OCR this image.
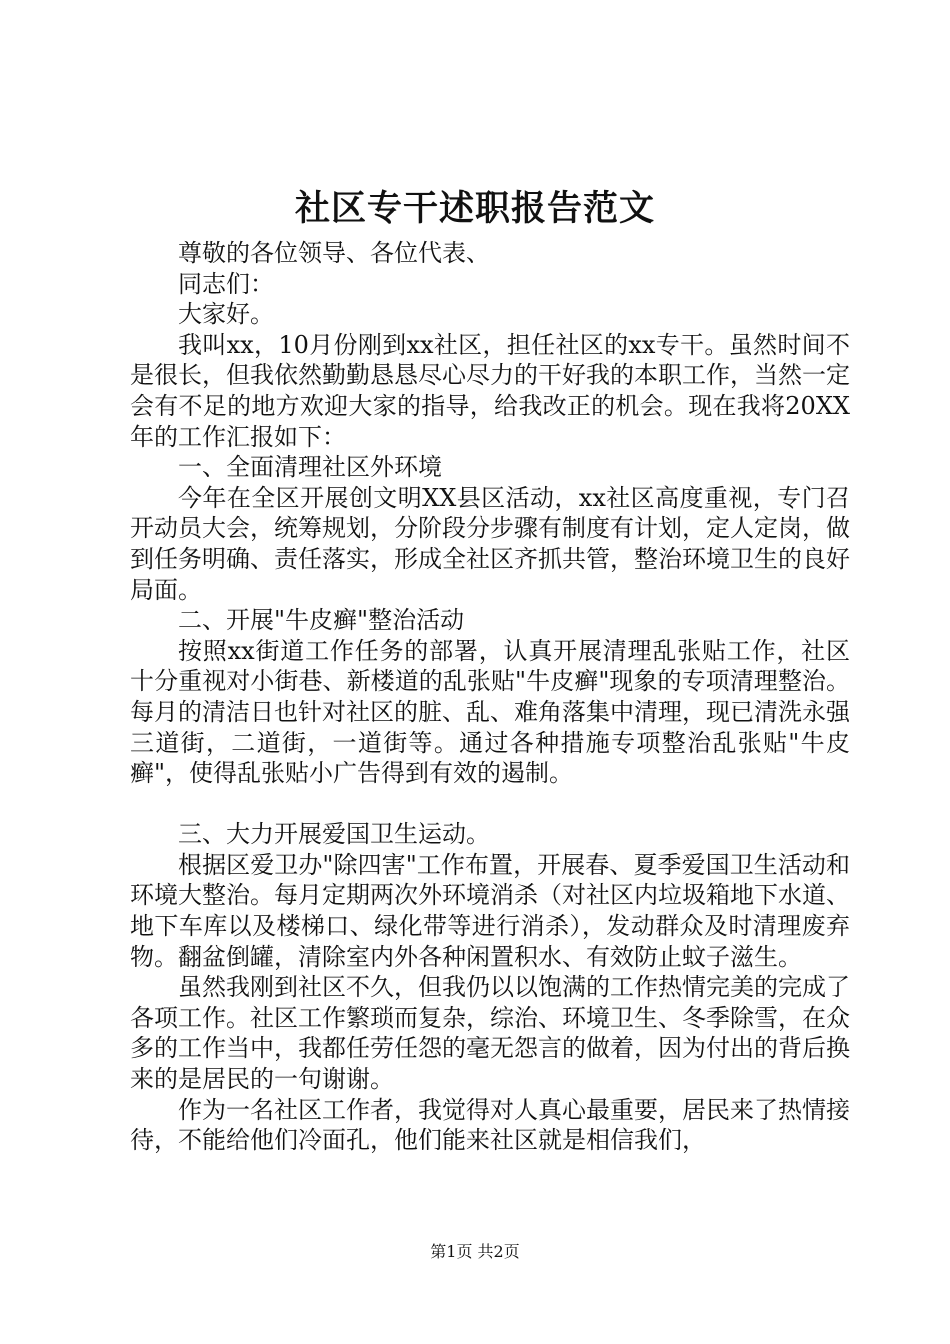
社区专干述职报告范文

尊敬的各位领导、各位代表、

同志们：

大家好。

我叫xx，10月份刚到xx社区，担任社区的xx专干。虽然时间不是很长，但我依然勤勤恳恳尽心尽力的干好我的本职工作，当然一定会有不足的地方欢迎大家的指导，给我改正的机会。现在我将20XX年的工作汇报如下：

一、全面清理社区外环境

今年在全区开展创文明XX县区活动，xx社区高度重视，专门召开动员大会，统筹规划，分阶段分步骤有制度有计划，定人定岗，做到任务明确、责任落实，形成全社区齐抓共管，整治环境卫生的良好局面。

二、开展"牛皮癣"整治活动

按照xx街道工作任务的部署，认真开展清理乱张贴工作，社区十分重视对小街巷、新楼道的乱张贴"牛皮癣"现象的专项清理整治。每月的清洁日也针对社区的脏、乱、难角落集中清理，现已清洗永强三道街，二道街，一道街等。通过各种措施专项整治乱张贴"牛皮癣"，使得乱张贴小广告得到有效的遏制。

三、大力开展爱国卫生运动。

根据区爱卫办"除四害"工作布置，开展春、夏季爱国卫生活动和环境大整治。每月定期两次外环境消杀（对社区内垃圾箱地下水道、地下车库以及楼梯口、绿化带等进行消杀），发动群众及时清理废弃物。翻盆倒罐，清除室内外各种闲置积水、有效防止蚊子滋生。

虽然我刚到社区不久，但我仍以以饱满的工作热情完美的完成了各项工作。社区工作繁琐而复杂，综治、环境卫生、冬季除雪，在众多的工作当中，我都任劳任怨的毫无怨言的做着，因为付出的背后换来的是居民的一句谢谢。

作为一名社区工作者，我觉得对人真心最重要，居民来了热情接待，不能给他们冷面孔，他们能来社区就是相信我们，

第1页 共2页
